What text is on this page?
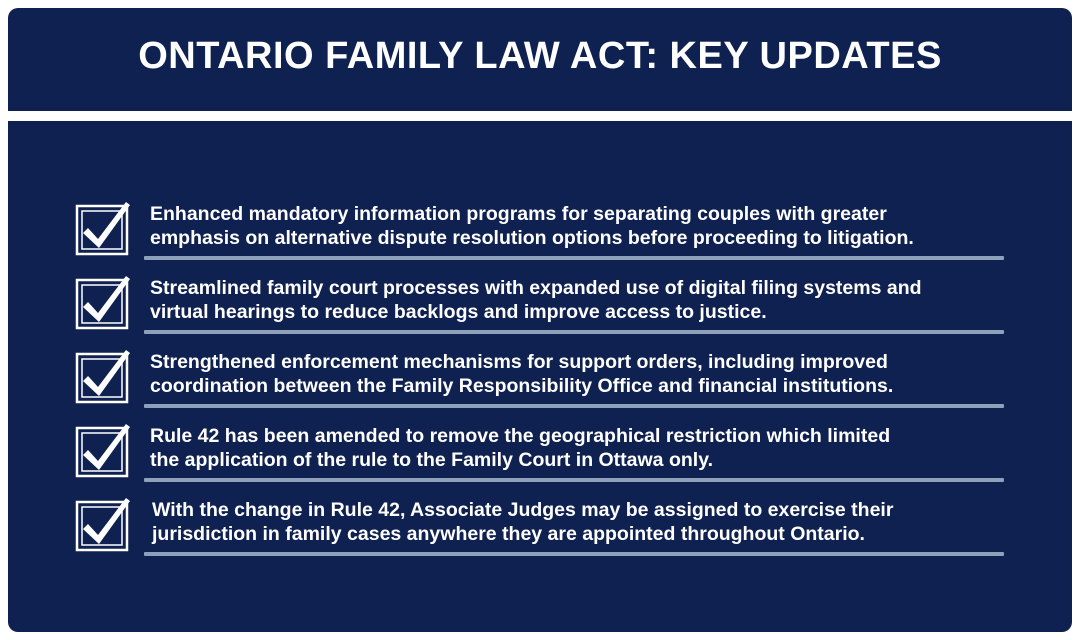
ONTARIO FAMILY LAW ACT: KEY UPDATES
Enhanced mandatory information programs for separating couples with greater
emphasis on alternative dispute resolution options before proceeding to litigation.
Streamlined family court processes with expanded use of digital filing systems and
virtual hearings to reduce backlogs and improve access to justice.
Strengthened enforcement mechanisms for support orders, including improved
coordination between the Family Responsibility Office and financial institutions.
Rule 42 has been amended to remove the geographical restriction which limited
the application of the rule to the Family Court in Ottawa only.
With the change in Rule 42, Associate Judges may be assigned to exercise their
jurisdiction in family cases anywhere they are appointed throughout Ontario.
